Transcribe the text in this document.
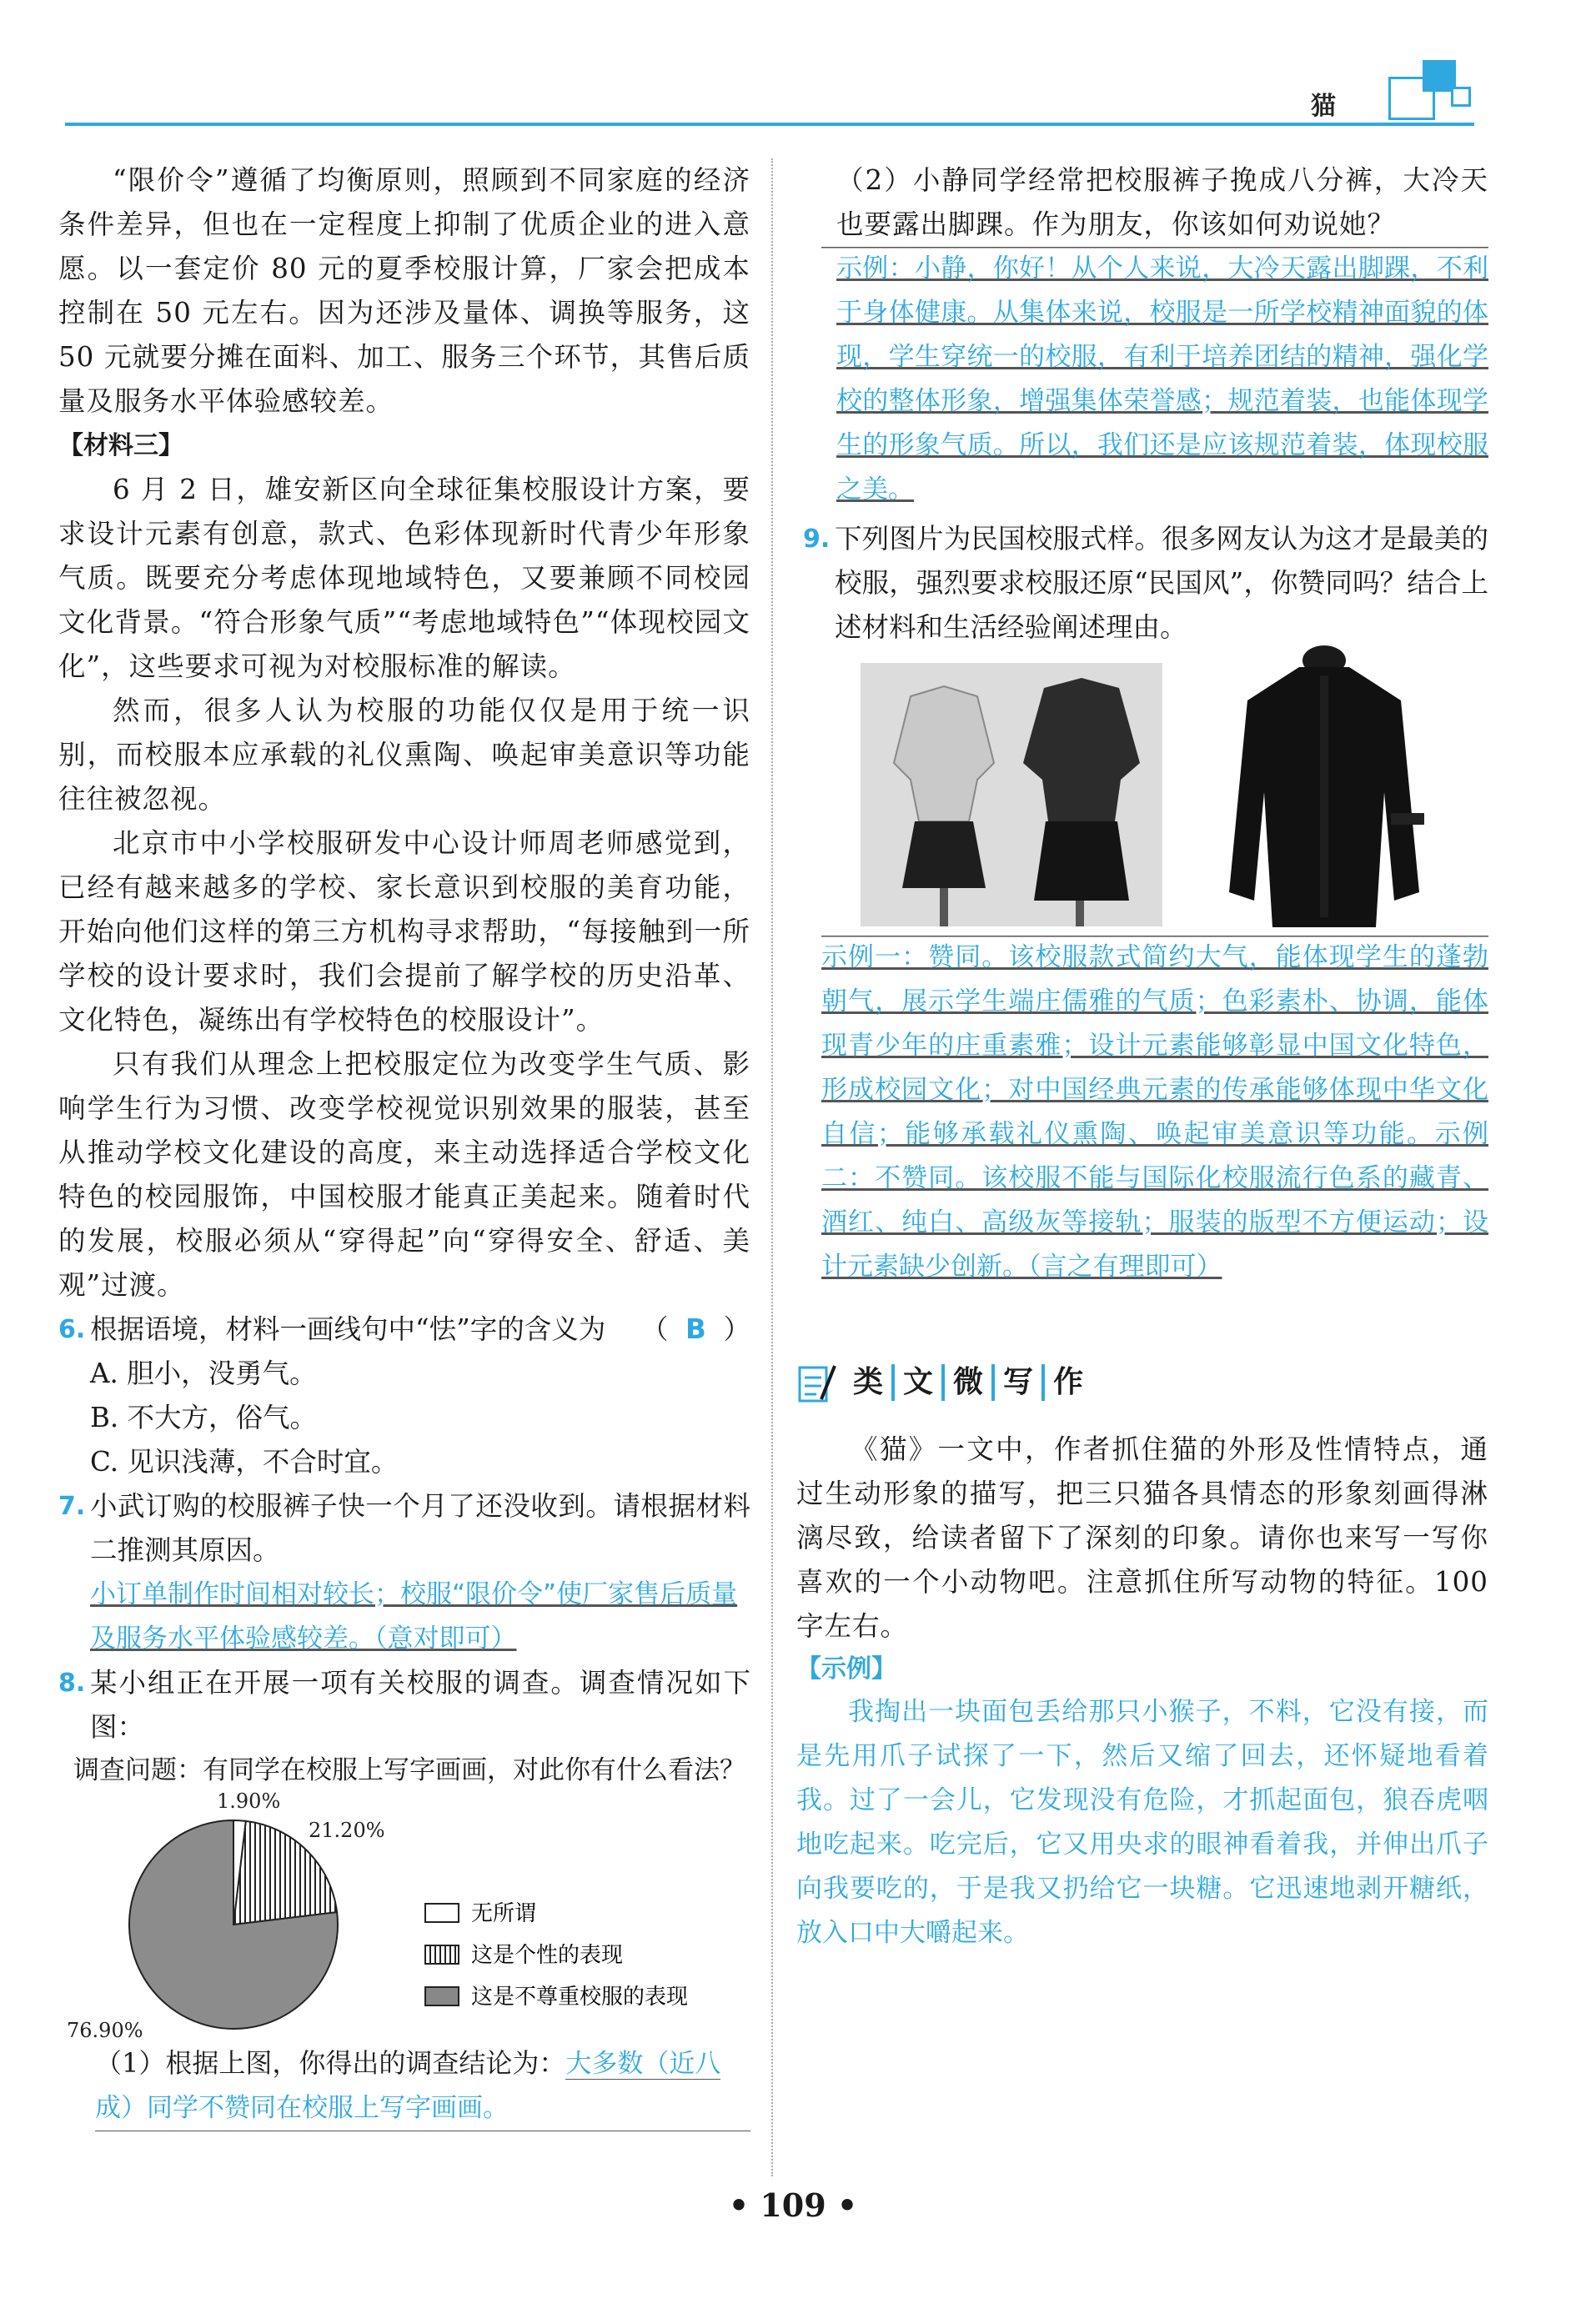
猫

“限价令”遵循了均衡原则，照顾到不同家庭的经济条件差异，但也在一定程度上抑制了优质企业的进入意愿。以一套定价 80 元的夏季校服计算，厂家会把成本控制在 50 元左右。因为还涉及量体、调换等服务，这 50 元就要分摊在面料、加工、服务三个环节，其售后质量及服务水平体验感较差。

【材料三】

6 月 2 日，雄安新区向全球征集校服设计方案，要求设计元素有创意，款式、色彩体现新时代青少年形象气质。既要充分考虑体现地域特色，又要兼顾不同校园文化背景。“符合形象气质”“考虑地域特色”“体现校园文化”，这些要求可视为对校服标准的解读。

然而，很多人认为校服的功能仅仅是用于统一识别，而校服本应承载的礼仪熏陶、唤起审美意识等功能往往被忽视。

北京市中小学校服研发中心设计师周老师感觉到，已经有越来越多的学校、家长意识到校服的美育功能，开始向他们这样的第三方机构寻求帮助，“每接触到一所学校的设计要求时，我们会提前了解学校的历史沿革、文化特色，凝练出有学校特色的校服设计”。

只有我们从理念上把校服定位为改变学生气质、影响学生行为习惯、改变学校视觉识别效果的服装，甚至从推动学校文化建设的高度，来主动选择适合学校文化特色的校园服饰，中国校服才能真正美起来。随着时代的发展，校服必须从“穿得起”向“穿得安全、舒适、美观”过渡。

6. 根据语境，材料一画线句中“怯”字的含义为 （ B ）
A. 胆小，没勇气。
B. 不大方，俗气。
C. 见识浅薄，不合时宜。
7. 小武订购的校服裤子快一个月了还没收到。请根据材料二推测其原因。
小订单制作时间相对较长；校服“限价令”使厂家售后质量及服务水平体验感较差。（意对即可）
8. 某小组正在开展一项有关校服的调查。调查情况如下图：
调查问题：有同学在校服上写字画画，对此你有什么看法？
1.90%
21.20%
76.90%
无所谓
这是个性的表现
这是不尊重校服的表现
（1）根据上图，你得出的调查结论为：大多数（近八
成）同学不赞同在校服上写字画画。

（2）小静同学经常把校服裤子挽成八分裤，大冷天也要露出脚踝。作为朋友，你该如何劝说她？

示例：小静，你好！从个人来说，大冷天露出脚踝，不利于身体健康。从集体来说，校服是一所学校精神面貌的体现，学生穿统一的校服，有利于培养团结的精神，强化学校的整体形象，增强集体荣誉感；规范着装，也能体现学生的形象气质。所以，我们还是应该规范着装，体现校服之美。

9. 下列图片为民国校服式样。很多网友认为这才是最美的校服，强烈要求校服还原“民国风”，你赞同吗？结合上述材料和生活经验阐述理由。

示例一：赞同。该校服款式简约大气，能体现学生的蓬勃朝气，展示学生端庄儒雅的气质；色彩素朴、协调，能体现青少年的庄重素雅；设计元素能够彰显中国文化特色，形成校园文化；对中国经典元素的传承能够体现中华文化自信；能够承载礼仪熏陶、唤起审美意识等功能。示例二：不赞同。该校服不能与国际化校服流行色系的藏青、酒红、纯白、高级灰等接轨；服装的版型不方便运动；设计元素缺少创新。（言之有理即可）

类 文 微 写 作

《猫》一文中，作者抓住猫的外形及性情特点，通过生动形象的描写，把三只猫各具情态的形象刻画得淋漓尽致，给读者留下了深刻的印象。请你也来写一写你喜欢的一个小动物吧。注意抓住所写动物的特征。100 字左右。

【示例】

我掏出一块面包丢给那只小猴子，不料，它没有接，而是先用爪子试探了一下，然后又缩了回去，还怀疑地看着我。过了一会儿，它发现没有危险，才抓起面包，狼吞虎咽地吃起来。吃完后，它又用央求的眼神看着我，并伸出爪子向我要吃的，于是我又扔给它一块糖。它迅速地剥开糖纸，放入口中大嚼起来。

• 109 •
